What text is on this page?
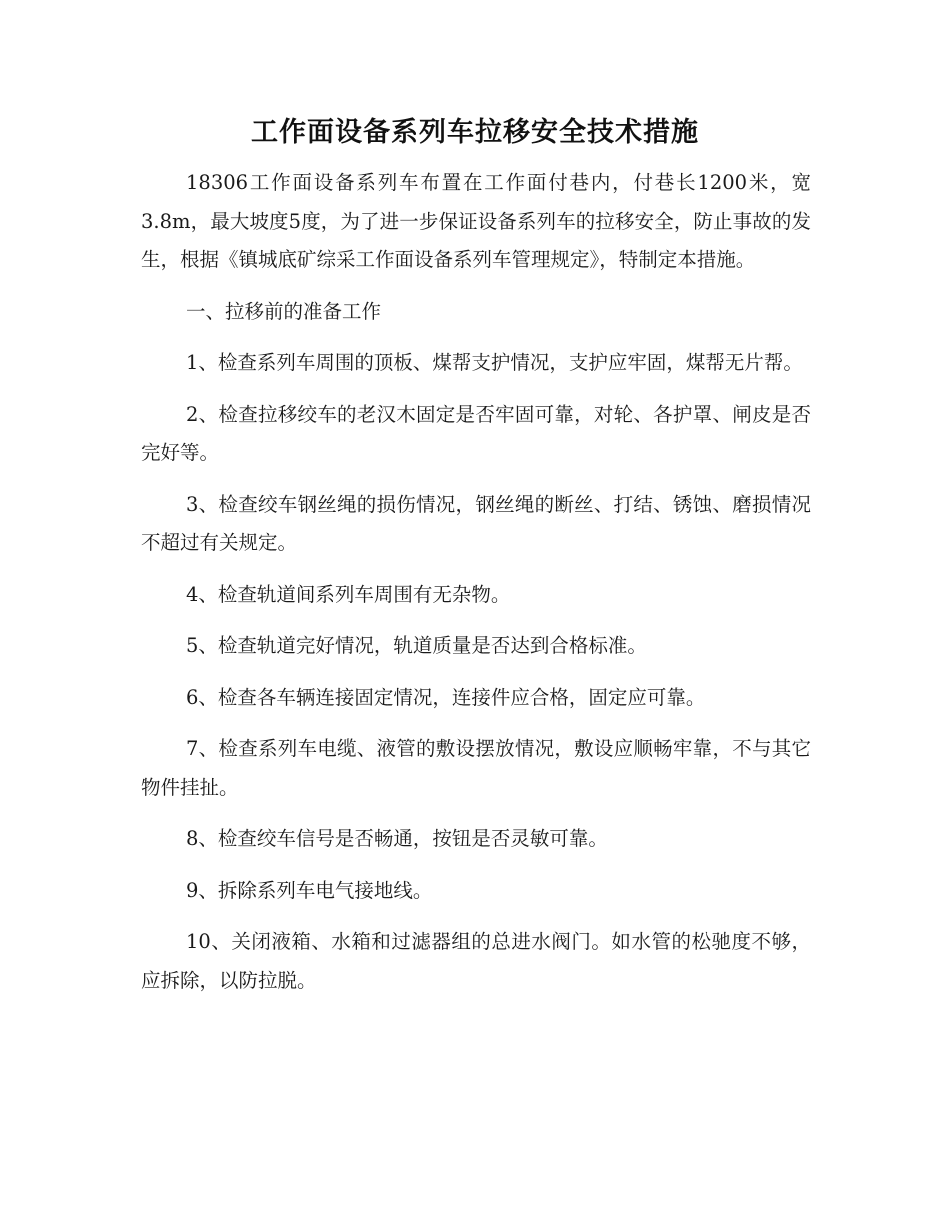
工作面设备系列车拉移安全技术措施

18306工作面设备系列车布置在工作面付巷内，付巷长1200米，宽3.8m，最大坡度5度，为了进一步保证设备系列车的拉移安全，防止事故的发生，根据《镇城底矿综采工作面设备系列车管理规定》，特制定本措施。

一、拉移前的准备工作

1、检查系列车周围的顶板、煤帮支护情况，支护应牢固，煤帮无片帮。

2、检查拉移绞车的老汉木固定是否牢固可靠，对轮、各护罩、闸皮是否完好等。

3、检查绞车钢丝绳的损伤情况，钢丝绳的断丝、打结、锈蚀、磨损情况不超过有关规定。

4、检查轨道间系列车周围有无杂物。

5、检查轨道完好情况，轨道质量是否达到合格标准。

6、检查各车辆连接固定情况，连接件应合格，固定应可靠。

7、检查系列车电缆、液管的敷设摆放情况，敷设应顺畅牢靠，不与其它物件挂扯。

8、检查绞车信号是否畅通，按钮是否灵敏可靠。

9、拆除系列车电气接地线。

10、关闭液箱、水箱和过滤器组的总进水阀门。如水管的松驰度不够，应拆除，以防拉脱。
